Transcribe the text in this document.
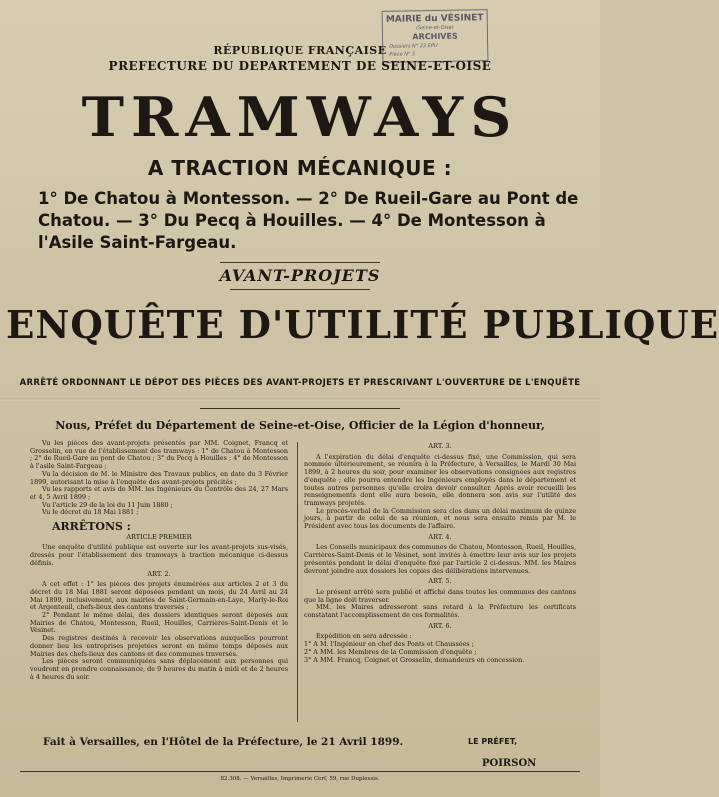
MAIRIE du VÉSINET
(Seine-et-Oise)
ARCHIVES
Dossiers N° 23 EPU
Pièce N° 5
RÉPUBLIQUE FRANÇAISE
PREFECTURE DU DEPARTEMENT DE SEINE-ET-OISE
TRAMWAYS
A TRACTION MÉCANIQUE :
1° De Chatou à Montesson. — 2° De Rueil-Gare au Pont de Chatou. — 3° Du Pecq à Houilles. — 4° De Montesson à l'Asile Saint-Fargeau.
AVANT-PROJETS
ENQUÊTE D'UTILITÉ PUBLIQUE
ARRÊTÉ ORDONNANT LE DÉPOT DES PIÈCES DES AVANT-PROJETS ET PRESCRIVANT L'OUVERTURE DE L'ENQUÊTE
Nous, Préfet du Département de Seine-et-Oise, Officier de la Légion d'honneur,

Vu les pièces des avant-projets présentés par MM. Coignet, Francq et Grosselin, en vue de l'établissement des tramways : 1° de Chatou à Montesson ; 2° de Rueil-Gare au pont de Chatou ; 3° du Pecq à Houilles ; 4° de Montesson à l'asile Saint-Fargeau ;

Vu la décision de M. le Ministre des Travaux publics, en date du 3 Février 1899, autorisant la mise à l'enquête des avant-projets précités ;

Vu les rapports et avis de MM. les Ingénieurs du Contrôle des 24, 27 Mars et 4, 5 Avril 1899 ;

Vu l'article 29 de la loi du 11 Juin 1880 ;

Vu le décret du 18 Mai 1881 ;

ARRÊTONS :
ARTICLE PREMIER

Une enquête d'utilité publique est ouverte sur les avant-projets sus-visés, dressés pour l'établissement des tramways à traction mécanique ci-dessus définis.

ART. 2.

A cet effet : 1° les pièces des projets énumérées aux articles 2 et 3 du décret du 18 Mai 1881 seront déposées pendant un mois, du 24 Avril au 24 Mai 1899, inclusivement, aux mairies de Saint-Germain-en-Laye, Marly-le-Roi et Argenteuil, chefs-lieux des cantons traversés ;

2° Pendant le même délai, des dossiers identiques seront déposés aux Mairies de Chatou, Montesson, Rueil, Houilles, Carrières-Saint-Denis et le Vésinet.

Des registres destinés à recevoir les observations auxquelles pourront donner lieu les entreprises projetées seront en même temps déposés aux Mairies des chefs-lieux des cantons et des communes traversés.

Les pièces seront communiquées sans déplacement aux personnes qui voudront en prendre connaissance, de 9 heures du matin à midi et de 2 heures à 4 heures du soir.

ART. 3.

A l'expiration du délai d'enquête ci-dessus fixé, une Commission, qui sera nommée ultérieurement, se réunira à la Préfecture, à Versailles, le Mardi 30 Mai 1899, à 2 heures du soir, pour examiner les observations consignées aux registres d'enquête ; elle pourra entendre les Ingénieurs employés dans le département et toutes autres personnes qu'elle croira devoir consulter. Après avoir recueilli les renseignements dont elle aura besoin, elle donnera son avis sur l'utilité des tramways projetés.

Le procès-verbal de la Commission sera clos dans un délai maximum de quinze jours, à partir de celui de sa réunion, et nous sera ensuite remis par M. le Président avec tous les documents de l'affaire.

ART. 4.

Les Conseils municipaux des communes de Chatou, Montesson, Rueil, Houilles, Carrières-Saint-Denis et le Vésinet, sont invités à émettre leur avis sur les projets présentés pendant le délai d'enquête fixé par l'article 2 ci-dessus. MM. les Maires devront joindre aux dossiers les copies des délibérations intervenues.

ART. 5.

Le présent arrêté sera publié et affiché dans toutes les communes des cantons que la ligne doit traverser.

MM. les Maires adresseront sans retard à la Préfecture les certificats constatant l'accomplissement de ces formalités.

ART. 6.

Expédition en sera adressée :

1° A M. l'Ingénieur en chef des Ponts et Chaussées ;

2° A MM. les Membres de la Commission d'enquête ;

3° A MM. Francq, Coignet et Grosselin, demandeurs en concession.

Fait à Versailles, en l'Hôtel de la Préfecture, le 21 Avril 1899.	LE PRÉFET,
POIRSON
82.308. — Versailles, Imprimerie Cerf, 59, rue Duplessis.
